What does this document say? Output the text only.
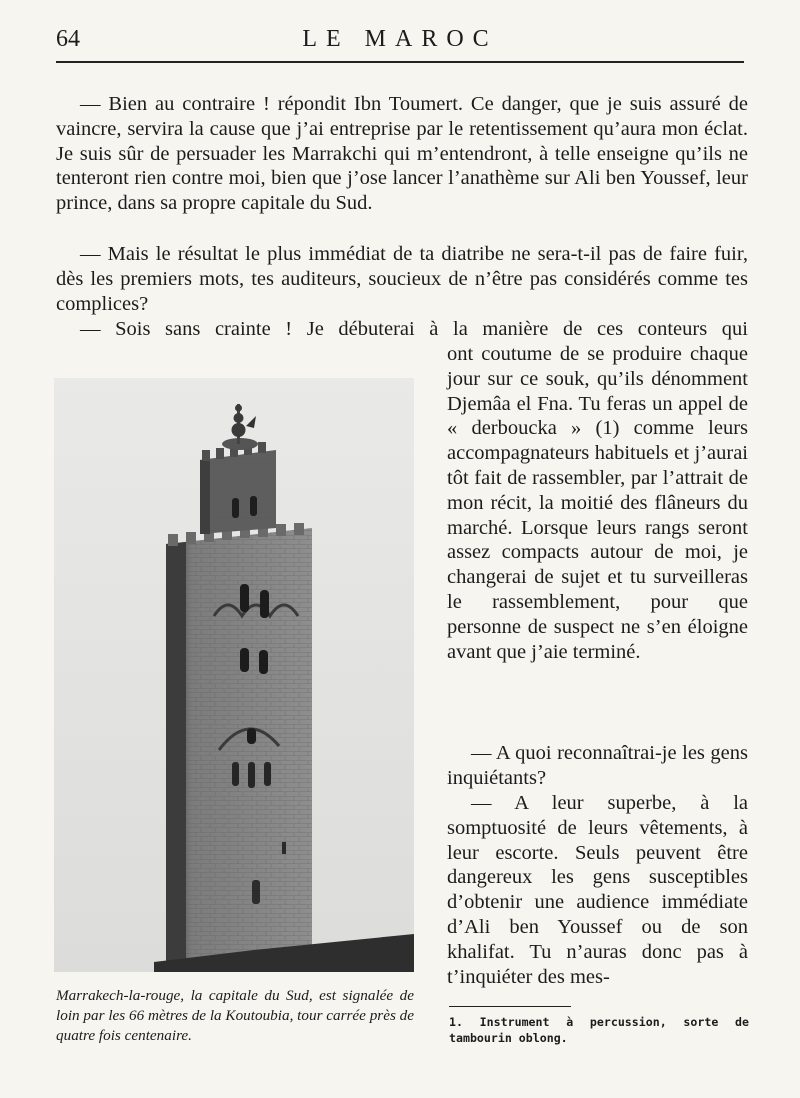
64	LE MAROC

— Bien au contraire ! répondit Ibn Toumert. Ce danger, que je suis assuré de vaincre, servira la cause que j’ai entreprise par le retentissement qu’aura mon éclat. Je suis sûr de persuader les Marrakchi qui m’entendront, à telle enseigne qu’ils ne tenteront rien contre moi, bien que j’ose lancer l’anathème sur Ali ben Youssef, leur prince, dans sa propre capitale du Sud.

— Mais le résultat le plus immédiat de ta diatribe ne sera-t-il pas de faire fuir, dès les premiers mots, tes auditeurs, soucieux de n’être pas considérés comme tes complices?

— Sois sans crainte ! Je débuterai à la manière de ces conteurs qui

ont coutume de se produire chaque jour sur ce souk, qu’ils dénomment Djemâa el Fna. Tu feras un appel de « derboucka » (1) comme leurs accompagnateurs habituels et j’aurai tôt fait de rassembler, par l’attrait de mon récit, la moitié des flâneurs du marché. Lorsque leurs rangs seront assez compacts autour de moi, je changerai de sujet et tu surveilleras le rassemblement, pour que personne de suspect ne s’en éloigne avant que j’aie terminé.

— A quoi reconnaîtrai-je les gens inquiétants?

— A leur superbe, à la somptuosité de leurs vêtements, à leur escorte. Seuls peuvent être dangereux les gens susceptibles d’obtenir une audience immédiate d’Ali ben Youssef ou de son khalifat. Tu n’auras donc pas à t’inquiéter des mes-

Marrakech-la-rouge, la capitale du Sud, est signalée de loin par les 66 mètres de la Koutoubia, tour carrée près de quatre fois centenaire.

1. Instrument à percussion, sorte de tambourin oblong.
